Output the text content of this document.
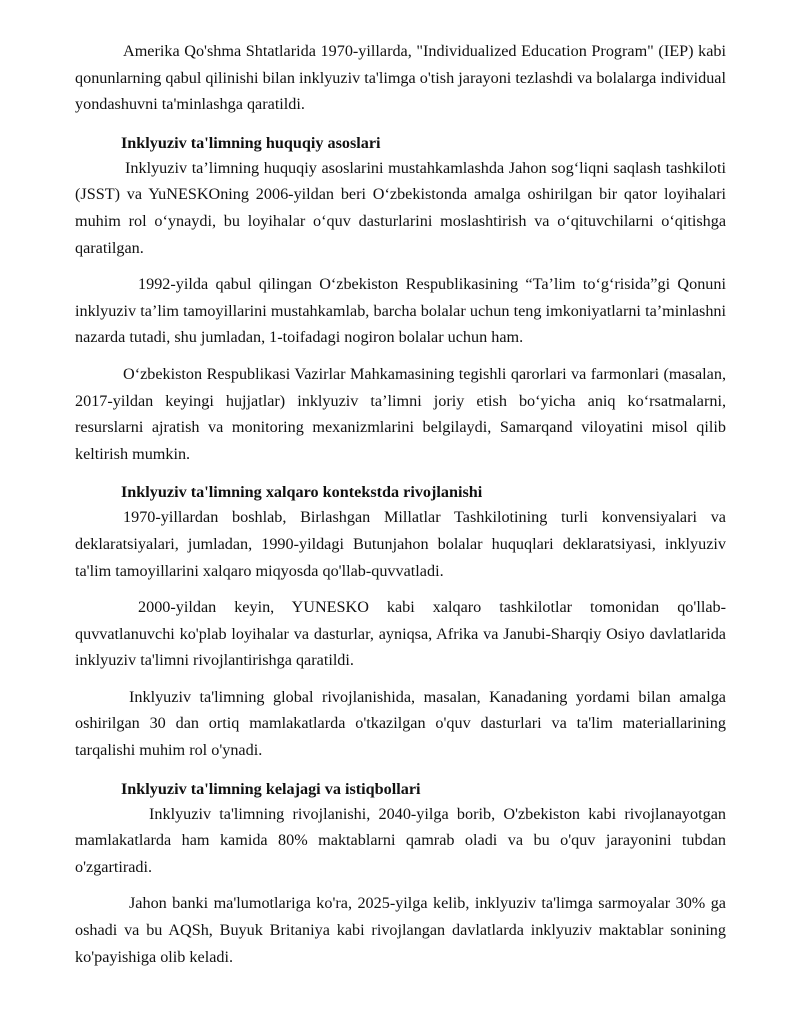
Amerika Qo'shma Shtatlarida 1970-yillarda, "Individualized Education Program" (IEP) kabi qonunlarning qabul qilinishi bilan inklyuziv ta'limga o'tish jarayoni tezlashdi va bolalarga individual yondashuvni ta'minlashga qaratildi.

Inklyuziv ta'limning huquqiy asoslari

Inklyuziv ta’limning huquqiy asoslarini mustahkamlashda Jahon sog‘liqni saqlash tashkiloti (JSST) va YuNESKOning 2006-yildan beri O‘zbekistonda amalga oshirilgan bir qator loyihalari muhim rol o‘ynaydi, bu loyihalar o‘quv dasturlarini moslashtirish va o‘qituvchilarni o‘qitishga qaratilgan.

1992-yilda qabul qilingan O‘zbekiston Respublikasining “Ta’lim to‘g‘risida”gi Qonuni inklyuziv ta’lim tamoyillarini mustahkamlab, barcha bolalar uchun teng imkoniyatlarni ta’minlashni nazarda tutadi, shu jumladan, 1-toifadagi nogiron bolalar uchun ham.

O‘zbekiston Respublikasi Vazirlar Mahkamasining tegishli qarorlari va farmonlari (masalan, 2017-yildan keyingi hujjatlar) inklyuziv ta’limni joriy etish bo‘yicha aniq ko‘rsatmalarni, resurslarni ajratish va monitoring mexanizmlarini belgilaydi, Samarqand viloyatini misol qilib keltirish mumkin.

Inklyuziv ta'limning xalqaro kontekstda rivojlanishi

1970-yillardan boshlab, Birlashgan Millatlar Tashkilotining turli konvensiyalari va deklaratsiyalari, jumladan, 1990-yildagi Butunjahon bolalar huquqlari deklaratsiyasi, inklyuziv ta'lim tamoyillarini xalqaro miqyosda qo'llab-quvvatladi.

2000-yildan keyin, YUNESKO kabi xalqaro tashkilotlar tomonidan qo'llab-quvvatlanuvchi ko'plab loyihalar va dasturlar, ayniqsa, Afrika va Janubi-Sharqiy Osiyo davlatlarida inklyuziv ta'limni rivojlantirishga qaratildi.

Inklyuziv ta'limning global rivojlanishida, masalan, Kanadaning yordami bilan amalga oshirilgan 30 dan ortiq mamlakatlarda o'tkazilgan o'quv dasturlari va ta'lim materiallarining tarqalishi muhim rol o'ynadi.

Inklyuziv ta'limning kelajagi va istiqbollari

Inklyuziv ta'limning rivojlanishi, 2040-yilga borib, O'zbekiston kabi rivojlanayotgan mamlakatlarda ham kamida 80% maktablarni qamrab oladi va bu o'quv jarayonini tubdan o'zgartiradi.

Jahon banki ma'lumotlariga ko'ra, 2025-yilga kelib, inklyuziv ta'limga sarmoyalar 30% ga oshadi va bu AQSh, Buyuk Britaniya kabi rivojlangan davlatlarda inklyuziv maktablar sonining ko'payishiga olib keladi.
